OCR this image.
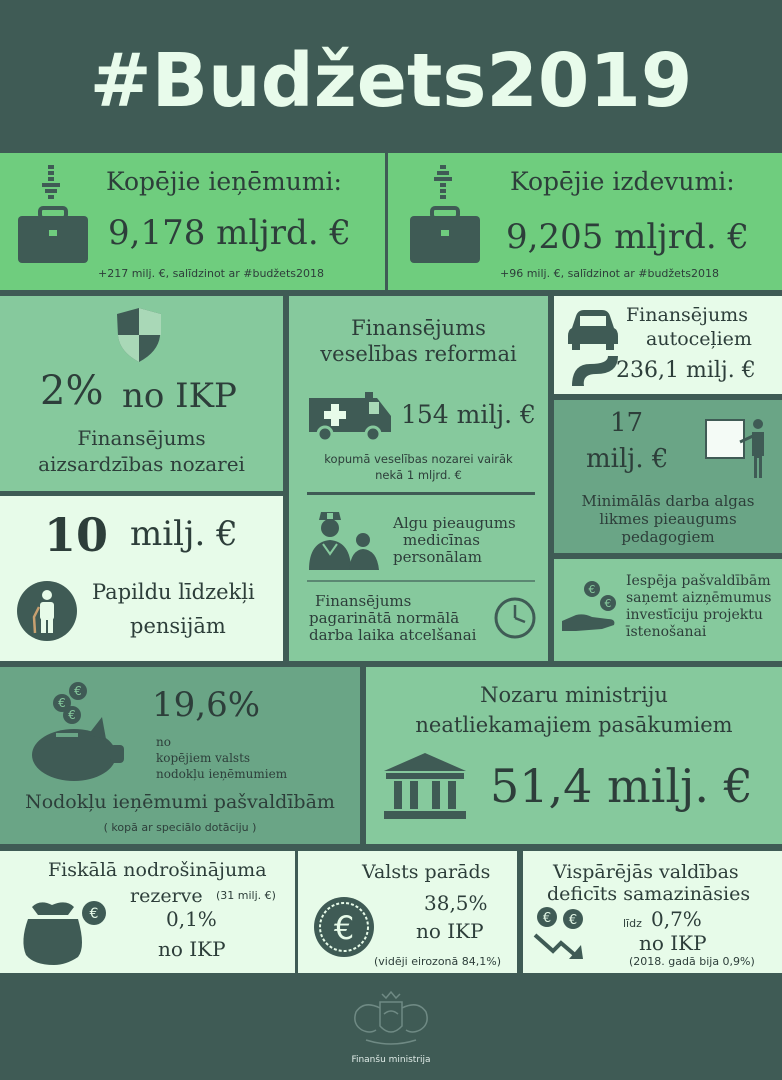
#Budžets2019
Kopējie ieņēmumi:
9,178 mljrd. €
+217 milj. €, salīdzinot ar #budžets2018
Kopējie izdevumi:
9,205 mljrd. €
+96 milj. €, salīdzinot ar #budžets2018
2% no IKP
Finansējums
aizsardzības nozarei
10 milj. €
Papildu līdzekļi
pensijām
Finansējums
veselības reformai
154 milj. €
kopumā veselības nozarei vairāk
nekā 1 mljrd. €
Algu pieaugums
medicīnas
personālam
Finansējums
pagarinātā normālā
darba laika atcelšanai
Finansējums
autoceļiem
236,1 milj. €
17
milj. €
Minimālās darba algas
likmes pieaugums
pedagogiem
€
€
Iespēja pašvaldībām
saņemt aizņēmumus
investīciju projektu
īstenošanai
€
€
€ 19,6%
no
kopējiem valsts
nodokļu ieņēmumiem
Nodokļu ieņēmumi pašvaldībām
( kopā ar speciālo dotāciju )
Nozaru ministriju
neatliekamajiem pasākumiem
51,4 milj. €
€
Fiskālā nodrošinājuma
rezerve (31 milj. €)
0,1%
no IKP
Valsts parāds
€
38,5%
no IKP
(vidēji eirozonā 84,1%)
Vispārējās valdības
deficīts samazināsies
€ €	līdz 0,7%
no IKP
(2018. gadā bija 0,9%)
Finanšu ministrija
